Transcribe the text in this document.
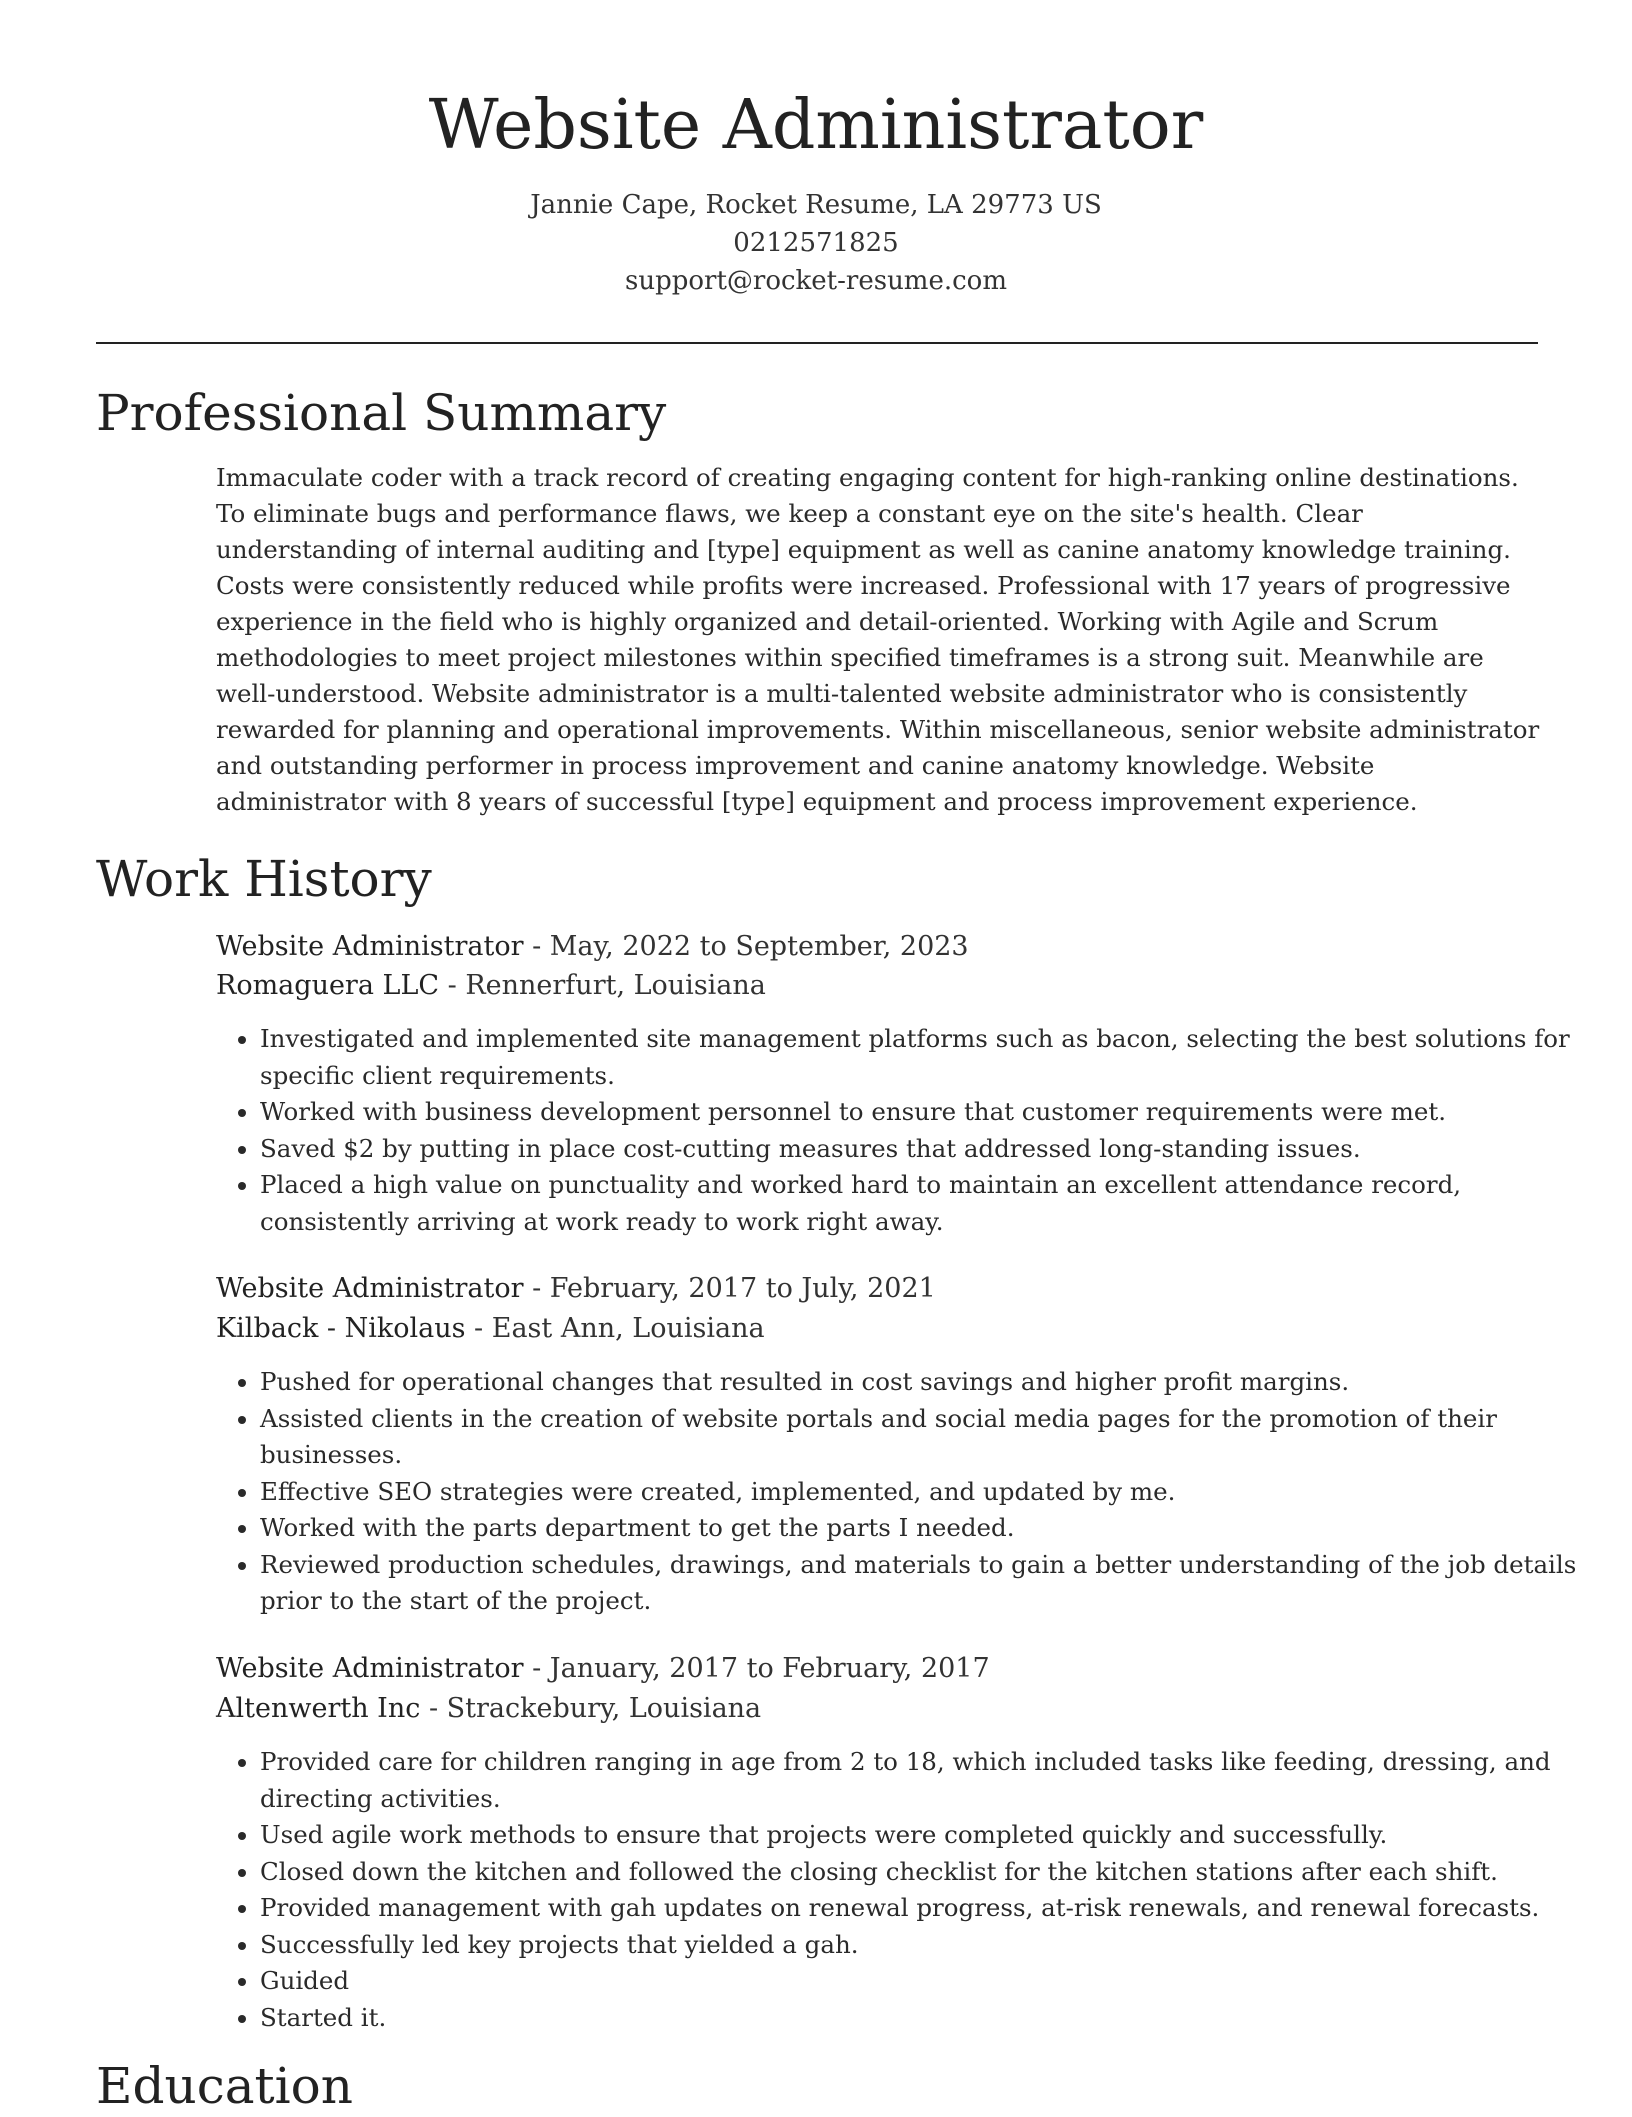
Website Administrator
Jannie Cape, Rocket Resume, LA 29773 US
0212571825
support@rocket-resume.com
Professional Summary
Immaculate coder with a track record of creating engaging content for high-ranking online destinations. To eliminate bugs and performance flaws, we keep a constant eye on the site's health. Clear understanding of internal auditing and [type] equipment as well as canine anatomy knowledge training. Costs were consistently reduced while profits were increased. Professional with 17 years of progressive experience in the field who is highly organized and detail-oriented. Working with Agile and Scrum methodologies to meet project milestones within specified timeframes is a strong suit. Meanwhile are well-understood. Website administrator is a multi-talented website administrator who is consistently rewarded for planning and operational improvements. Within miscellaneous, senior website administrator and outstanding performer in process improvement and canine anatomy knowledge. Website administrator with 8 years of successful [type] equipment and process improvement experience.
Work History
Website Administrator - May, 2022 to September, 2023
Romaguera LLC - Rennerfurt, Louisiana
• Investigated and implemented site management platforms such as bacon, selecting the best solutions for specific client requirements.
• Worked with business development personnel to ensure that customer requirements were met.
• Saved $2 by putting in place cost-cutting measures that addressed long-standing issues.
• Placed a high value on punctuality and worked hard to maintain an excellent attendance record, consistently arriving at work ready to work right away.
Website Administrator - February, 2017 to July, 2021
Kilback - Nikolaus - East Ann, Louisiana
• Pushed for operational changes that resulted in cost savings and higher profit margins.
• Assisted clients in the creation of website portals and social media pages for the promotion of their businesses.
• Effective SEO strategies were created, implemented, and updated by me.
• Worked with the parts department to get the parts I needed.
• Reviewed production schedules, drawings, and materials to gain a better understanding of the job details prior to the start of the project.
Website Administrator - January, 2017 to February, 2017
Altenwerth Inc - Strackebury, Louisiana
• Provided care for children ranging in age from 2 to 18, which included tasks like feeding, dressing, and directing activities.
• Used agile work methods to ensure that projects were completed quickly and successfully.
• Closed down the kitchen and followed the closing checklist for the kitchen stations after each shift.
• Provided management with gah updates on renewal progress, at-risk renewals, and renewal forecasts.
• Successfully led key projects that yielded a gah.
• Guided
• Started it.
Education
